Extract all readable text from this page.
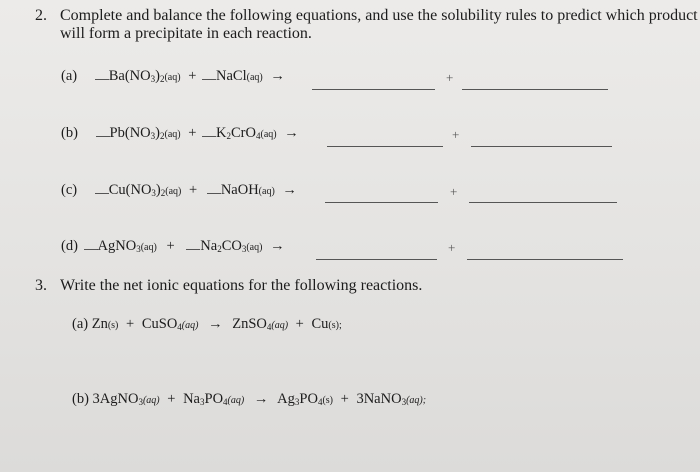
2. Complete and balance the following equations, and use the solubility rules to predict which product
will form a precipitate in each reaction.
(a) $Ba(NO_3)_2(aq)$ + NaCl(aq) →	+
(b) $Pb(NO_3)_2(aq) + K_2CrO_4(aq)$ →	+
(c) $Cu(NO_3)_2(aq)$ + NaOH(aq) →	+
(d) AgNO$_3$(aq) + $Na_2CO_3(aq)$ →	+
3. Write the net ionic equations for the following reactions.
(a) Zn(s) + CuSO$_4$(aq) → ZnSO$_4$(aq) + Cu(s);
(b) 3AgNO$_3$(aq) + $Na_3PO_4(aq) \to Ag_3PO_4(s)$ + 3NaNO$_3$(aq);
